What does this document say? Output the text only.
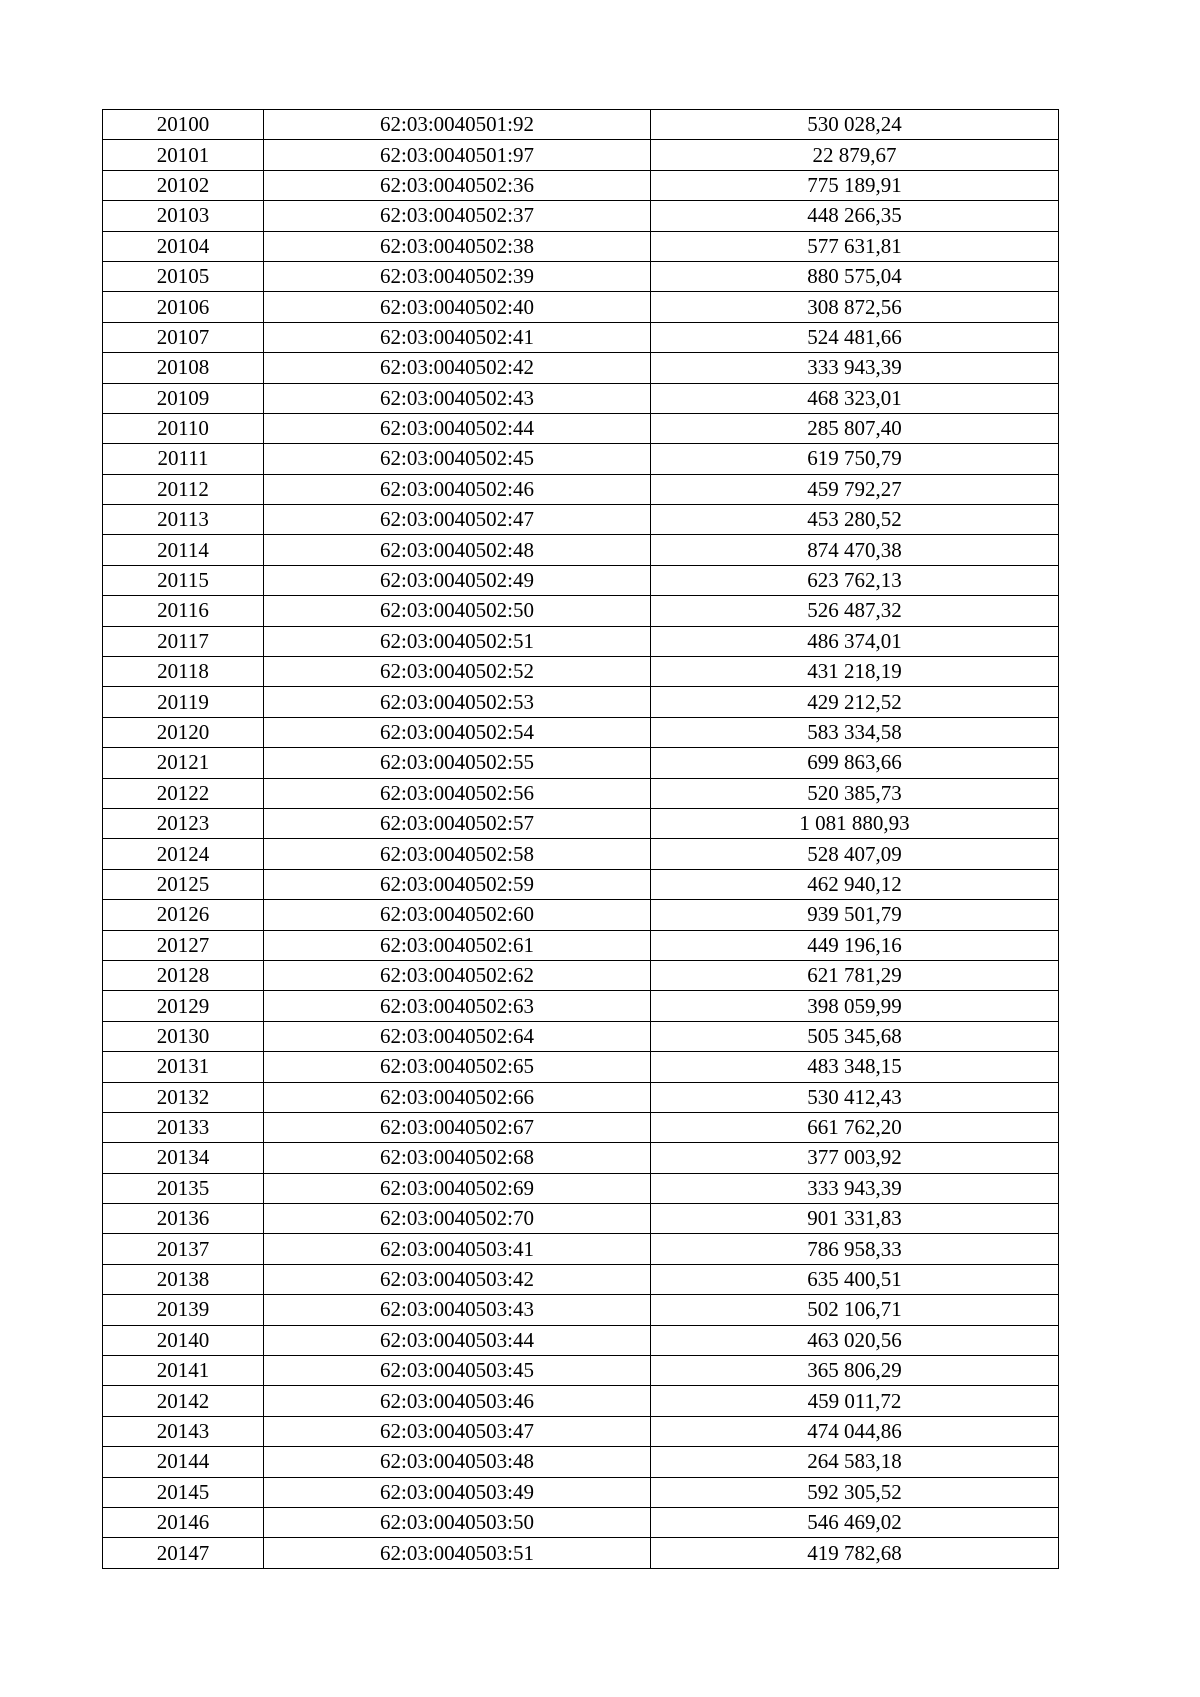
20100	62:03:0040501:92	530 028,24
20101	62:03:0040501:97	22 879,67
20102	62:03:0040502:36	775 189,91
20103	62:03:0040502:37	448 266,35
20104	62:03:0040502:38	577 631,81
20105	62:03:0040502:39	880 575,04
20106	62:03:0040502:40	308 872,56
20107	62:03:0040502:41	524 481,66
20108	62:03:0040502:42	333 943,39
20109	62:03:0040502:43	468 323,01
20110	62:03:0040502:44	285 807,40
20111	62:03:0040502:45	619 750,79
20112	62:03:0040502:46	459 792,27
20113	62:03:0040502:47	453 280,52
20114	62:03:0040502:48	874 470,38
20115	62:03:0040502:49	623 762,13
20116	62:03:0040502:50	526 487,32
20117	62:03:0040502:51	486 374,01
20118	62:03:0040502:52	431 218,19
20119	62:03:0040502:53	429 212,52
20120	62:03:0040502:54	583 334,58
20121	62:03:0040502:55	699 863,66
20122	62:03:0040502:56	520 385,73
20123	62:03:0040502:57	1 081 880,93
20124	62:03:0040502:58	528 407,09
20125	62:03:0040502:59	462 940,12
20126	62:03:0040502:60	939 501,79
20127	62:03:0040502:61	449 196,16
20128	62:03:0040502:62	621 781,29
20129	62:03:0040502:63	398 059,99
20130	62:03:0040502:64	505 345,68
20131	62:03:0040502:65	483 348,15
20132	62:03:0040502:66	530 412,43
20133	62:03:0040502:67	661 762,20
20134	62:03:0040502:68	377 003,92
20135	62:03:0040502:69	333 943,39
20136	62:03:0040502:70	901 331,83
20137	62:03:0040503:41	786 958,33
20138	62:03:0040503:42	635 400,51
20139	62:03:0040503:43	502 106,71
20140	62:03:0040503:44	463 020,56
20141	62:03:0040503:45	365 806,29
20142	62:03:0040503:46	459 011,72
20143	62:03:0040503:47	474 044,86
20144	62:03:0040503:48	264 583,18
20145	62:03:0040503:49	592 305,52
20146	62:03:0040503:50	546 469,02
20147	62:03:0040503:51	419 782,68
